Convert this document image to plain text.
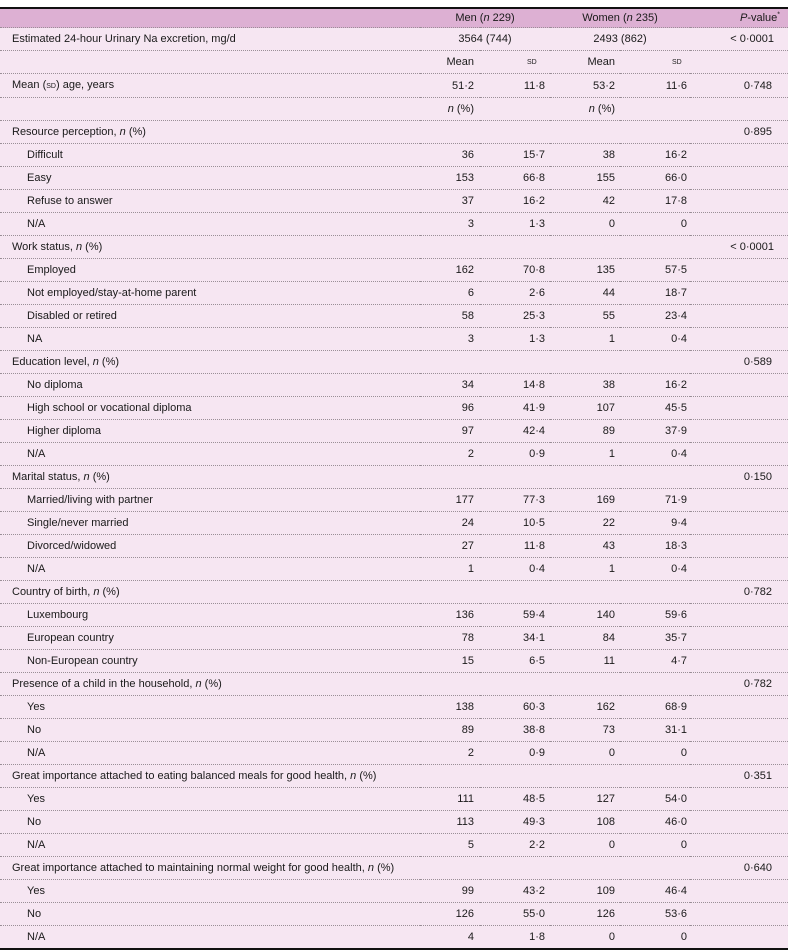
	Men (n 229)		Women (n 235)		P-value*
Estimated 24-hour Urinary Na excretion, mg/d	3564 (744)		2493 (862)		< 0·0001
	Mean	sd	Mean	sd	
Mean (sd) age, years	51·2	11·8	53·2	11·6	0·748
	n (%)		n (%)		
Resource perception, n (%)					0·895
Difficult	36	15·7	38	16·2	
Easy	153	66·8	155	66·0	
Refuse to answer	37	16·2	42	17·8	
N/A	3	1·3	0	0	
Work status, n (%)					< 0·0001
Employed	162	70·8	135	57·5	
Not employed/stay-at-home parent	6	2·6	44	18·7	
Disabled or retired	58	25·3	55	23·4	
NA	3	1·3	1	0·4	
Education level, n (%)					0·589
No diploma	34	14·8	38	16·2	
High school or vocational diploma	96	41·9	107	45·5	
Higher diploma	97	42·4	89	37·9	
N/A	2	0·9	1	0·4	
Marital status, n (%)					0·150
Married/living with partner	177	77·3	169	71·9	
Single/never married	24	10·5	22	9·4	
Divorced/widowed	27	11·8	43	18·3	
N/A	1	0·4	1	0·4	
Country of birth, n (%)					0·782
Luxembourg	136	59·4	140	59·6	
European country	78	34·1	84	35·7	
Non-European country	15	6·5	11	4·7	
Presence of a child in the household, n (%)					0·782
Yes	138	60·3	162	68·9	
No	89	38·8	73	31·1	
N/A	2	0·9	0	0	
Great importance attached to eating balanced meals for good health, n (%)					0·351
Yes	111	48·5	127	54·0	
No	113	49·3	108	46·0	
N/A	5	2·2	0	0	
Great importance attached to maintaining normal weight for good health, n (%)					0·640
Yes	99	43·2	109	46·4	
No	126	55·0	126	53·6	
N/A	4	1·8	0	0	
